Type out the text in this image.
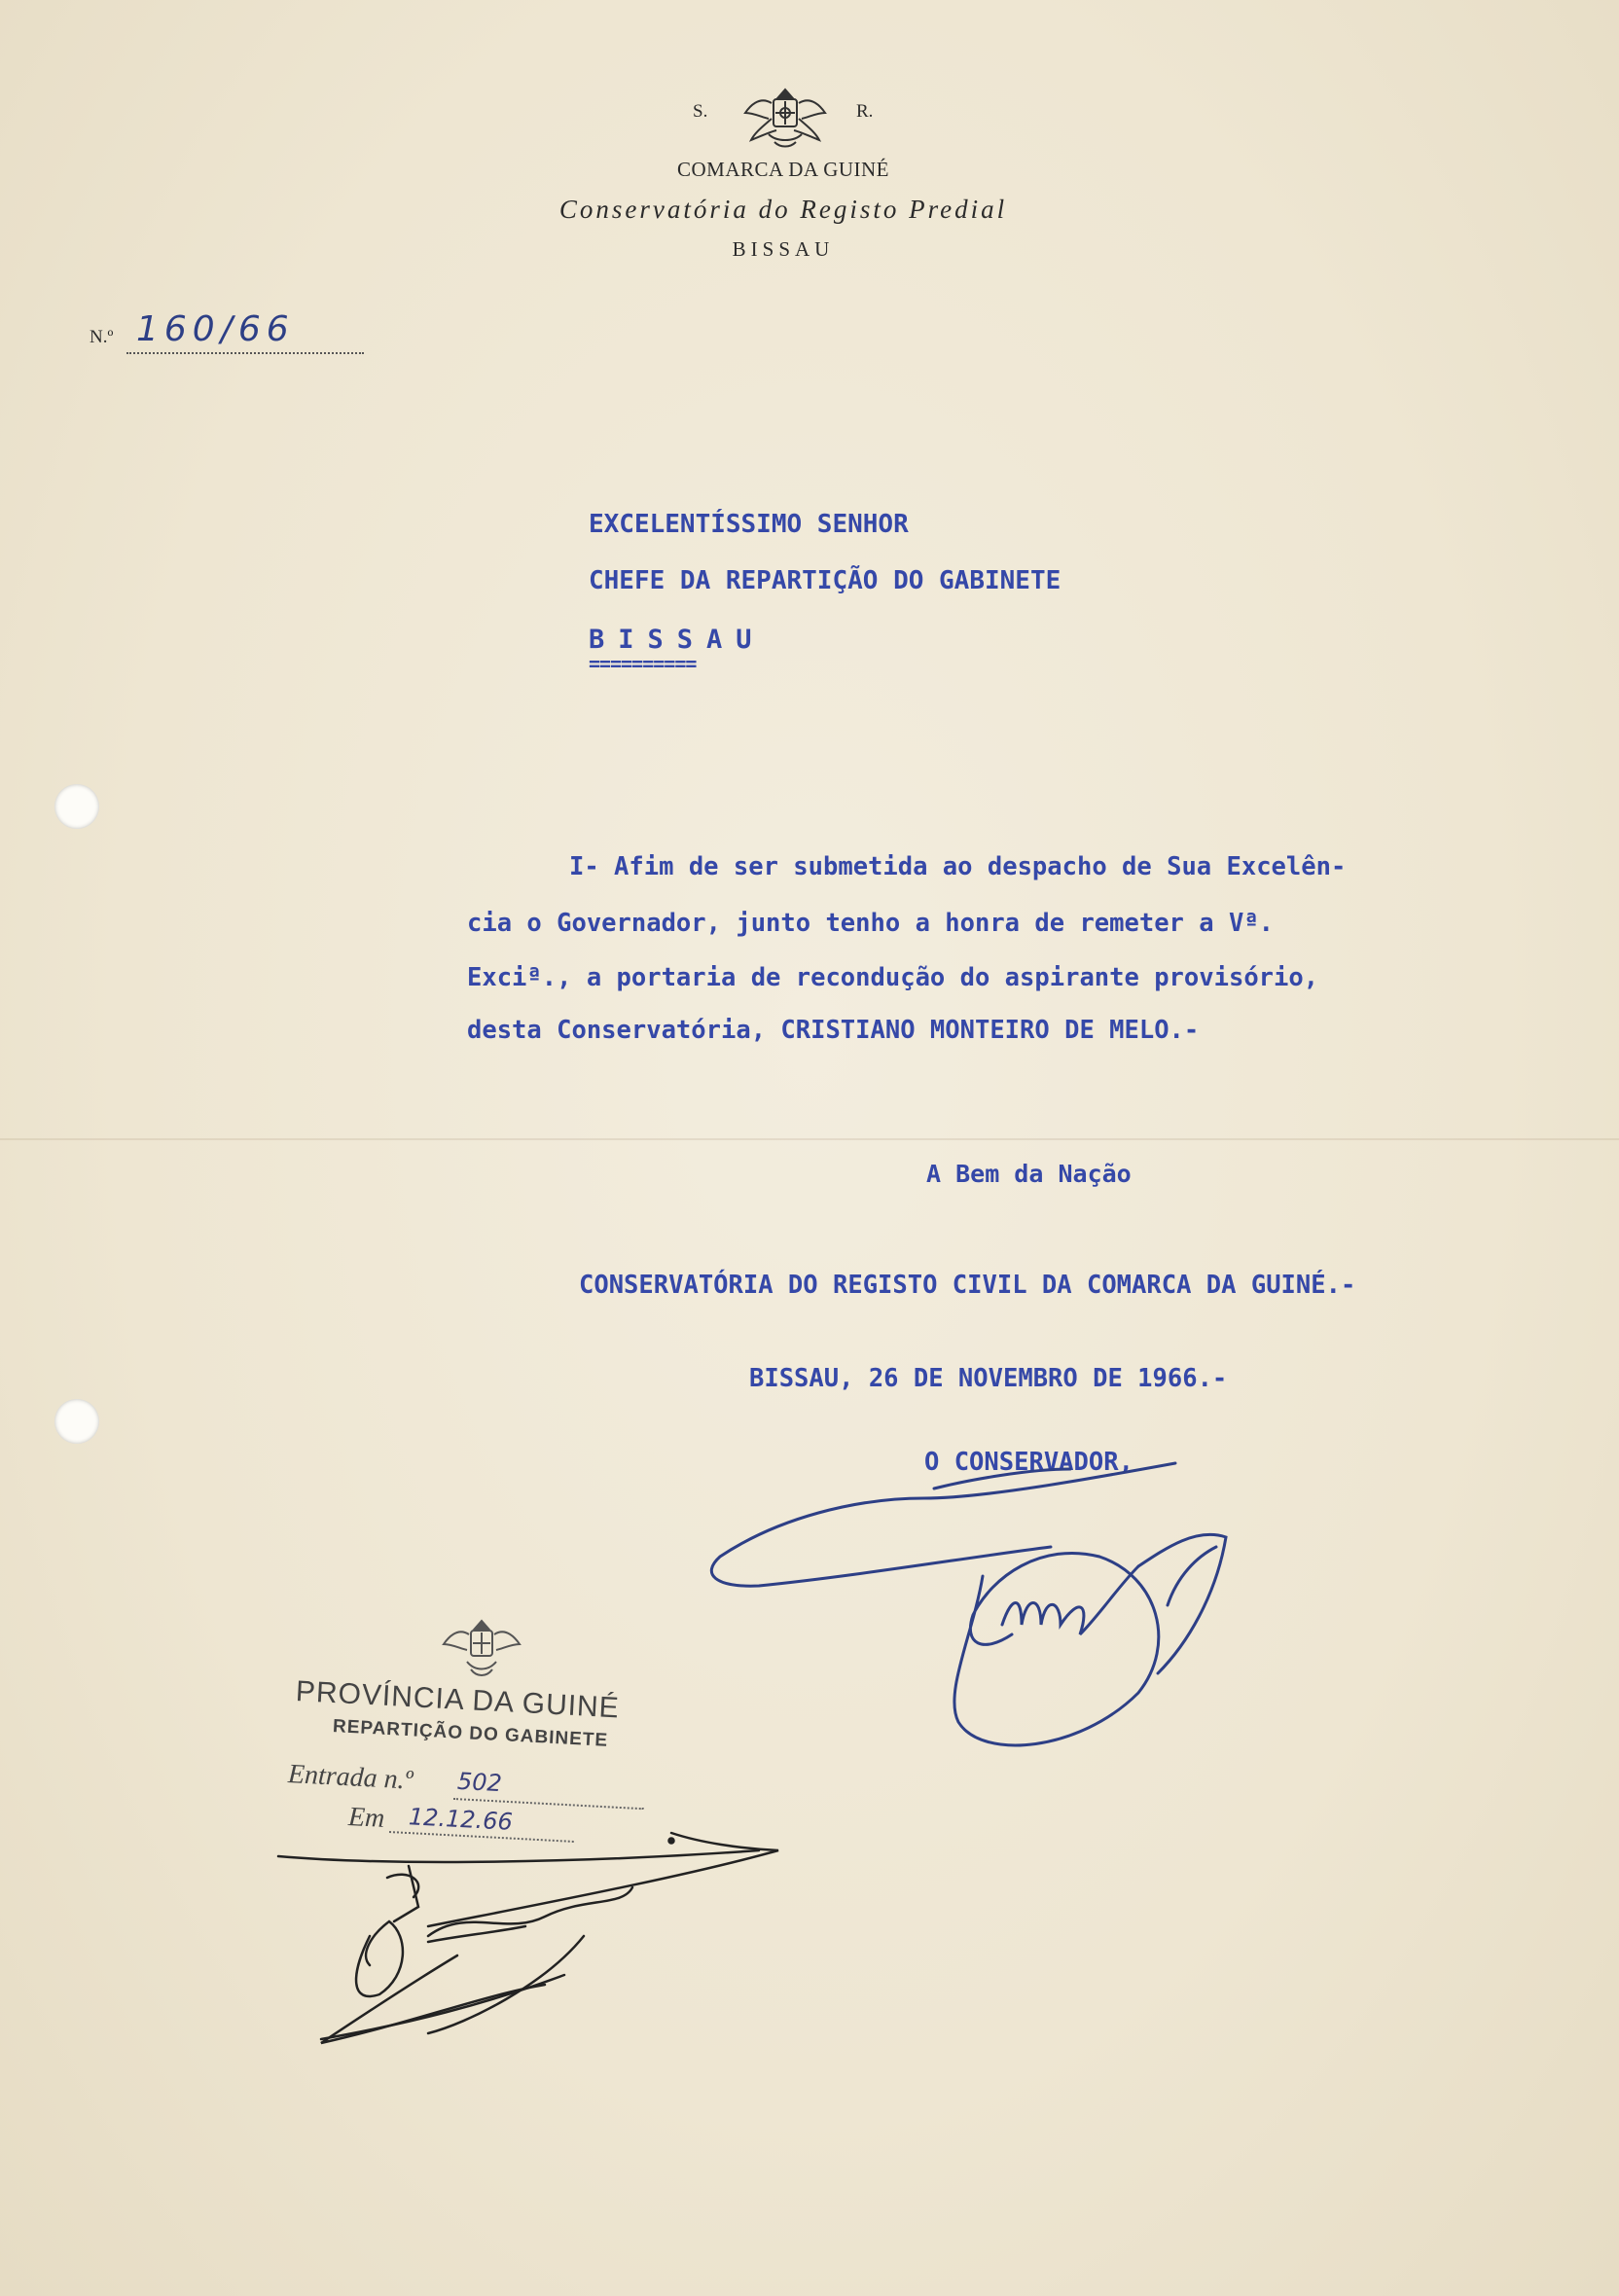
S.	R.
COMARCA DA GUINÉ
Conservatória do Registo Predial
BISSAU
N.º 160/66
EXCELENTÍSSIMO SENHOR
CHEFE DA REPARTIÇÃO DO GABINETE
BISSAU
==========
I- Afim de ser submetida ao despacho de Sua Excelên-
cia o Governador, junto tenho a honra de remeter a Vª.
Exciª., a portaria de recondução do aspirante provisório,
desta Conservatória, CRISTIANO MONTEIRO DE MELO.-
A Bem da Nação
CONSERVATÓRIA DO REGISTO CIVIL DA COMARCA DA GUINÉ.-
BISSAU, 26 DE NOVEMBRO DE 1966.-
O CONSERVADOR,
PROVÍNCIA DA GUINÉ
REPARTIÇÃO DO GABINETE
Entrada n.º 502
Em 12.12.66
